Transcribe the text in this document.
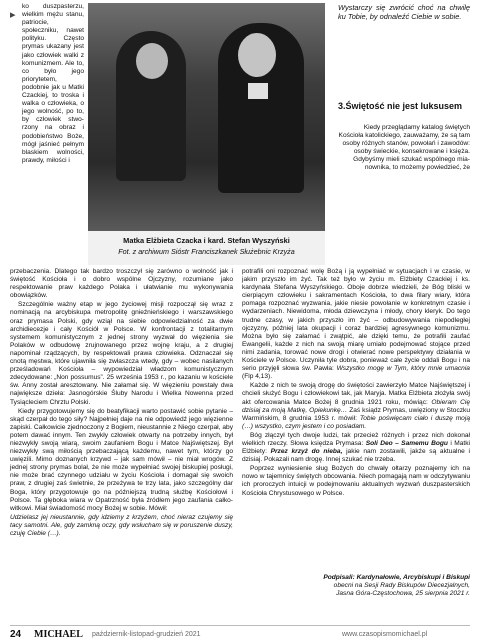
▸

ko duszpasterzu, wielkim mężu stanu, patriocie, społeczniku, nawet polityku. Często prymas ukazany jest jako człowiek walki z komunizmem. Ale to, co było jego priorytetem, podobnie jak u Matki Czackiej, to troska i walka o człowieka, o jego wolność, po to, by człowiek stworzony na obraz i podobieństwo Boże, mógł jaśnieć pełnym blaskiem wolności, prawdy, miłości i

Matka Elżbieta Czacka i kard. Stefan Wyszyński
Fot. z archiwum Sióstr Franciszkanek Służebnic Krzyża

przebaczenia. Dlatego tak bardzo troszczył się zarówno o wolność jak i świętość Kościoła i o dobro wspólne Ojczyzny, rozumiane jako respektowanie praw każdego Polaka i ułatwianie mu wykonywania obowiązków.

Szczególnie ważny etap w jego życiowej misji rozpoczął się wraz z nominacją na arcybiskupa metropolitę gnieźnieńskiego i warszawskiego oraz prymasa Polski, gdy wziął na siebie odpowiedzialność za dwie archidiecezje i cały Kościół w Polsce. W konfrontacji z totalitarnym systemem komunistycznym z jednej strony wyzwał do więzienia sie Polaków w odbudowę zrujnowanego przez wojnę kraju, a z drugiej napominał rządzących, by respektowali prawa człowieka. Odznaczał się cnotą męstwa, które ujawniła się zwłaszcza wtedy, gdy – wobec nasilanych prześladowań Kościoła – wypowiedział władzom komunistycznym zdecydowane: „Non possumus”. 25 września 1953 r., po kazaniu w kościele św. Anny został aresztowany. Nie załamał się. W więzieniu powstały dwa największe dzieła: Jasnogórskie Śluby Narodu i Wielka Nowenna przed Tysiącleciem Chrztu Polski.

Kiedy przygotowujemy się do beatyfikacji warto postawić sobie pytanie – skąd czerpał do tego siły? Najpełniej daje na nie odpowiedź jego więzienne zapiski. Całkowicie zjednoczony z Bogiem, nieustannie z Niego czerpał, aby potem dawać innym. Ten zwykły człowiek otwarty na potrzeby innych, był niezwykły swoją wiarą, swoim zaufaniem Bogu i Matce Najświętszej. Był niezwykły swą miłością przebaczającą każdemu, nawet tym, którzy go uwięzili. Mimo doznanych krzywd – jak sam mówił – nie miał wrogów. Z jednej strony prymas bolał, że nie może wypełniać swojej biskupiej posługi, nie może brać czynnego udziału w życiu Kościoła i domagał się swoich praw, z drugiej zaś świetnie, że przeżywa te trzy lata, jako szczególny dar Boga, który przygotowuje go na późniejszą trudną służbę Kościołowi i Polsce. Ta głęboka wiara w Opatrzność była źródłem jego zaufania całkowitkowi. Miał świadomość mocy Bożej w sobie. Mówił:

Udzielasz jej nieustannie, gdy idziemy z krzyżem, choć nieraz czujemy się tacy samotni. Ale, gdy zamkną oczy, gdy wsłucham się w poruszenie duszy, czuję Ciebie (…).

potrafili oni rozpoznać wolę Bożą i ją wypełniać w sytuacjach i w czasie, w jakim przyszło im żyć. Tak też było w życiu m. Elżbiety Czackiej i ks. kardynała Stefana Wyszyńskiego. Oboje dobrze wiedzieli, że Bóg bliski w cierpiącym człowieku i sakramentach Kościoła, to dwa filary wiary, która pomaga rozpoznać wyzwania, jakie niesie powołanie w konkretnym czasie i wydarzeniach. Niewidoma, młoda dziewczyna i młody, chory kleryk. Do tego trudne czasy, w jakich przyszło im żyć – odbudowywania niepodległej ojczyzny, później lata okupacji i coraz bardziej agresywnego komunizmu. Można było się załamać i zwątpić, ale dzięki temu, że potrafili zaufać Ewangelii, każde z nich na swoją miarę umiało podejmować stojące przed nimi zadania, torować nowe drogi i otwierać nowe perspektywy działania w Kościele w Polsce. Uczyniła tyle dobra, ponieważ całe życie oddali Bogu i na serio przyjęli słowa św. Pawła: Wszystko mogę w Tym, który mnie umacnia (Flp 4,13).

Każde z nich te swoją drogę do świętości zawierzyło Matce Najświętszej i chcieli służyć Bogu i człowiekowi tak, jak Maryja. Matka Elżbieta złożyła swój akt ofercowania Matce Bożej 8 grudnia 1921 roku, mówiąc: Obieram Cię dzisiaj za moją Matkę, Opiekunkę… Zaś ksiądz Prymas, uwięziony w Stoczku Warmińskim, 8 grudnia 1953 r. mówił: Tobie poświęcam ciało i duszę moją (…) wszystko, czym jestem i co posiadam.

Bóg złączył tych dwoje ludzi, tak przecież różnych i przez nich dokonał wielkich rzeczy. Słowa księdza Prymasa: Soli Deo – Samemu Bogu i Matki Elżbiety: Przez krzyż do nieba, jakie nam zostawili, jakże są aktualne i dzisiaj. Pokazali nam drogę. Innej szukać nie trzeba.

Poprzez wyniesienie sług Bożych do chwały ołtarzy poznajemy ich na nowo w tajemnicy świętych obcowania. Niech pomagają nam w odczytywaniu ich proroczych intuicji w podejmowaniu aktualnych wyzwań duszpasterskich Kościoła Chrystusowego w Polsce.

Wystarczy się zwrócić choć na chwilę ku Tobie, by odnaleźć Ciebie w sobie.

3.Świętość nie jest luksusem

Kiedy przeglądamy katalog świętych Kościoła katolickiego, zauważamy, że są tam osoby różnych stanów, powołań i zawodów: osoby świeckie, konsekrowane i księża. Gdybyśmy mieli szukać wspólnego mianownika, to możemy powiedzieć, że

Podpisali: Kardynałowie, Arcybiskupi i Biskupi
obecni na Sesji Rady Biskupów Diecezjalnych,
Jasna Góra-Częstochowa, 25 sierpnia 2021 r.
24 MICHAEL październik-listopad-grudzień 2021	www.czasopismomichael.pl
